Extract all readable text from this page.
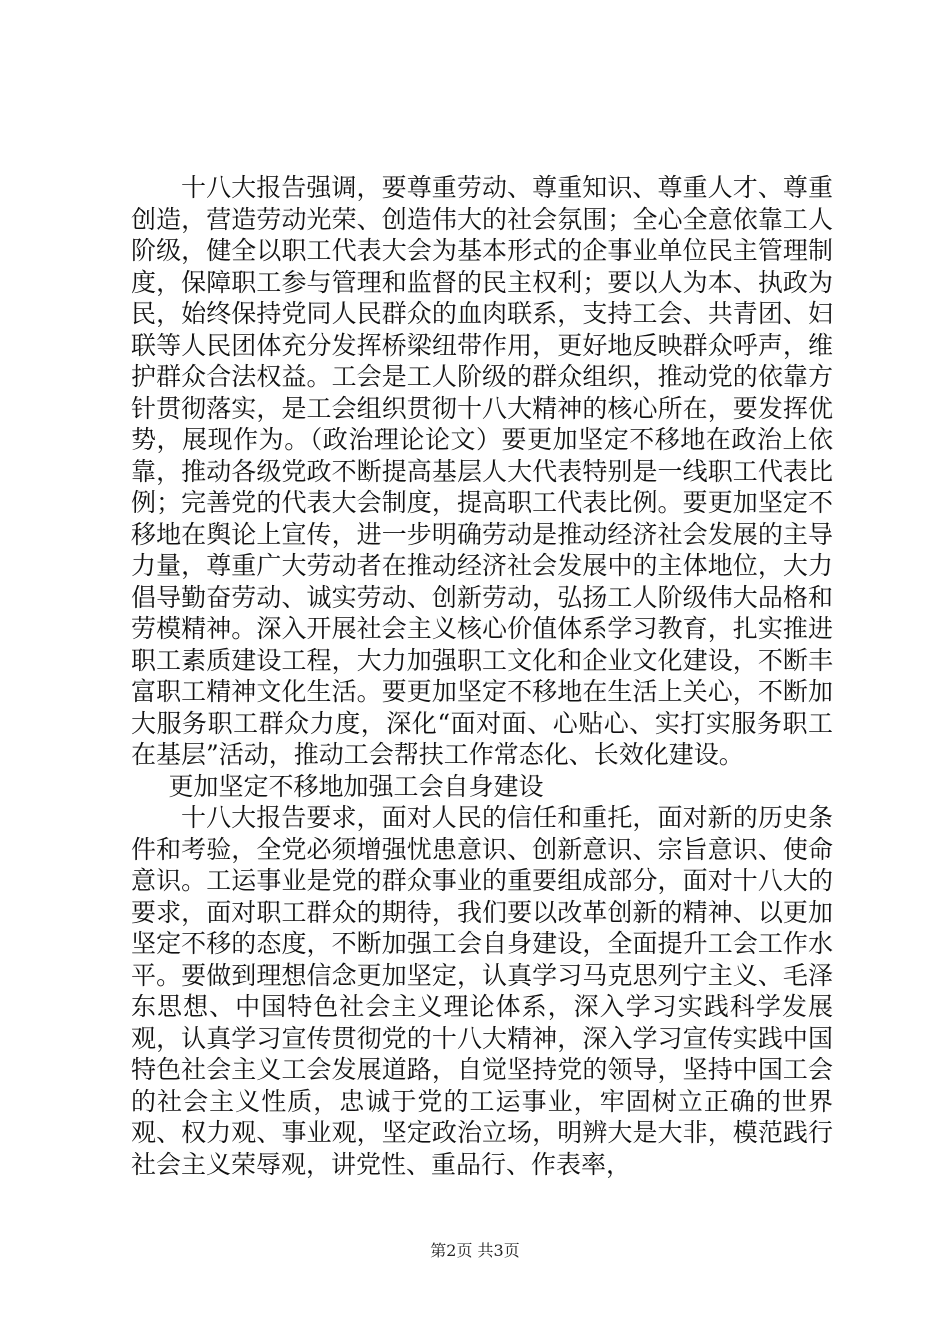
十八大报告强调，要尊重劳动、尊重知识、尊重人才、尊重创造，营造劳动光荣、创造伟大的社会氛围；全心全意依靠工人阶级，健全以职工代表大会为基本形式的企事业单位民主管理制度，保障职工参与管理和监督的民主权利；要以人为本、执政为民，始终保持党同人民群众的血肉联系，支持工会、共青团、妇联等人民团体充分发挥桥梁纽带作用，更好地反映群众呼声，维护群众合法权益。工会是工人阶级的群众组织，推动党的依靠方针贯彻落实，是工会组织贯彻十八大精神的核心所在，要发挥优势，展现作为。（政治理论论文）要更加坚定不移地在政治上依靠，推动各级党政不断提高基层人大代表特别是一线职工代表比例；完善党的代表大会制度，提高职工代表比例。要更加坚定不移地在舆论上宣传，进一步明确劳动是推动经济社会发展的主导力量，尊重广大劳动者在推动经济社会发展中的主体地位，大力倡导勤奋劳动、诚实劳动、创新劳动，弘扬工人阶级伟大品格和劳模精神。深入开展社会主义核心价值体系学习教育，扎实推进职工素质建设工程，大力加强职工文化和企业文化建设，不断丰富职工精神文化生活。要更加坚定不移地在生活上关心，不断加大服务职工群众力度，深化“面对面、心贴心、实打实服务职工在基层”活动，推动工会帮扶工作常态化、长效化建设。

更加坚定不移地加强工会自身建设

十八大报告要求，面对人民的信任和重托，面对新的历史条件和考验，全党必须增强忧患意识、创新意识、宗旨意识、使命意识。工运事业是党的群众事业的重要组成部分，面对十八大的要求，面对职工群众的期待，我们要以改革创新的精神、以更加坚定不移的态度，不断加强工会自身建设，全面提升工会工作水平。要做到理想信念更加坚定，认真学习马克思列宁主义、毛泽东思想、中国特色社会主义理论体系，深入学习实践科学发展观，认真学习宣传贯彻党的十八大精神，深入学习宣传实践中国特色社会主义工会发展道路，自觉坚持党的领导，坚持中国工会的社会主义性质，忠诚于党的工运事业，牢固树立正确的世界观、权力观、事业观，坚定政治立场，明辨大是大非，模范践行社会主义荣辱观，讲党性、重品行、作表率，

第2页 共3页
